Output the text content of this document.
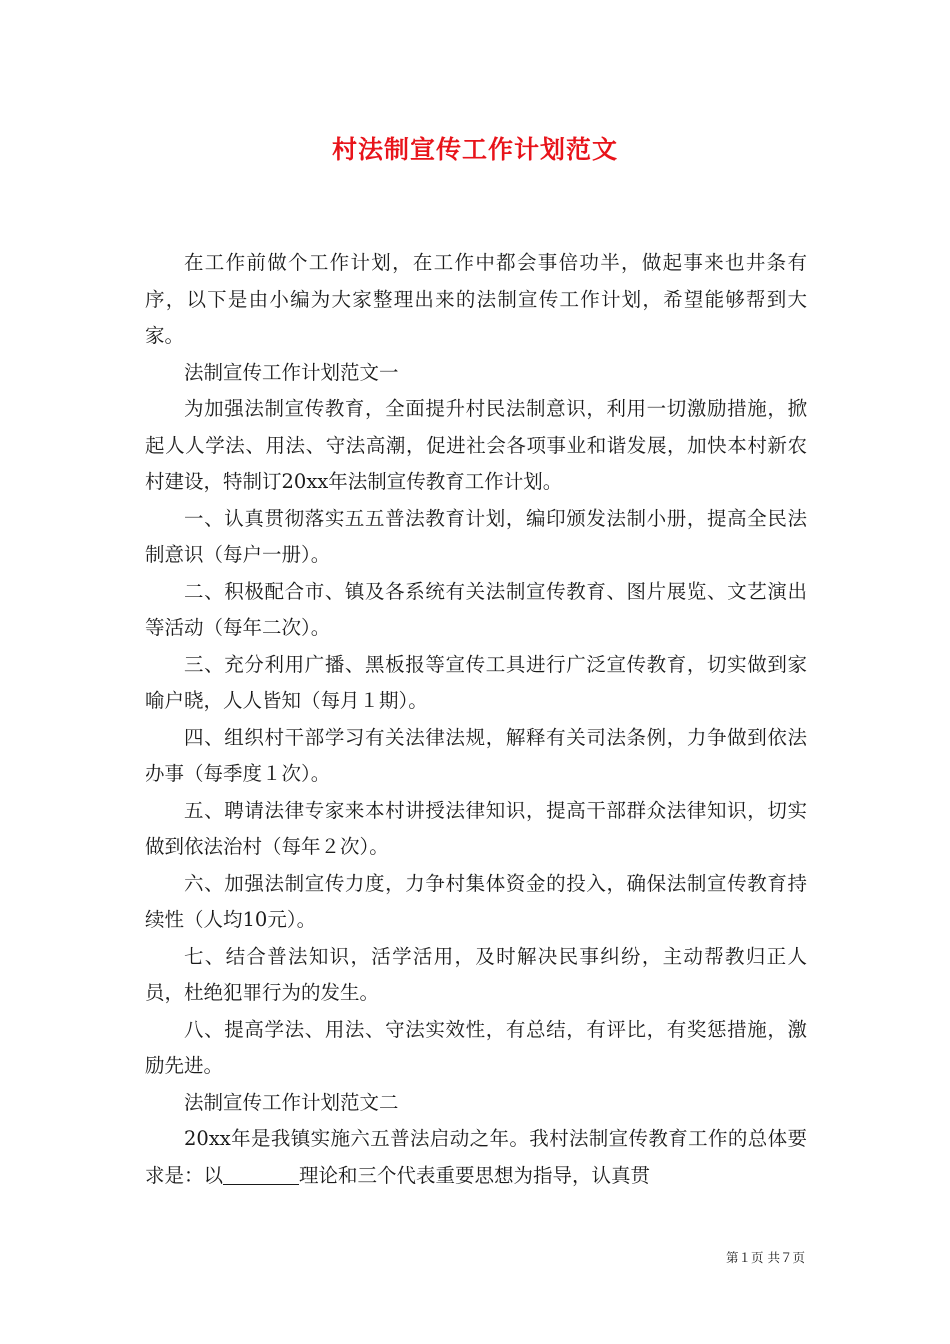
村法制宣传工作计划范文

在工作前做个工作计划，在工作中都会事倍功半，做起事来也井条有序，以下是由小编为大家整理出来的法制宣传工作计划，希望能够帮到大家。

法制宣传工作计划范文一

为加强法制宣传教育，全面提升村民法制意识，利用一切激励措施，掀起人人学法、用法、守法高潮，促进社会各项事业和谐发展，加快本村新农村建设，特制订20xx年法制宣传教育工作计划。

一、认真贯彻落实五五普法教育计划，编印颁发法制小册，提高全民法制意识（每户一册）。

二、积极配合市、镇及各系统有关法制宣传教育、图片展览、文艺演出等活动（每年二次）。

三、充分利用广播、黑板报等宣传工具进行广泛宣传教育，切实做到家喻户晓，人人皆知（每月１期）。

四、组织村干部学习有关法律法规，解释有关司法条例，力争做到依法办事（每季度１次）。

五、聘请法律专家来本村讲授法律知识，提高干部群众法律知识，切实做到依法治村（每年２次）。

六、加强法制宣传力度，力争村集体资金的投入，确保法制宣传教育持续性（人均10元）。

七、结合普法知识，活学活用，及时解决民事纠纷，主动帮教归正人员，杜绝犯罪行为的发生。

八、提高学法、用法、守法实效性，有总结，有评比，有奖惩措施，激励先进。

法制宣传工作计划范文二

20xx年是我镇实施六五普法启动之年。我村法制宣传教育工作的总体要求是：以	理论和三个代表重要思想为指导，认真贯

第１页 共７页
